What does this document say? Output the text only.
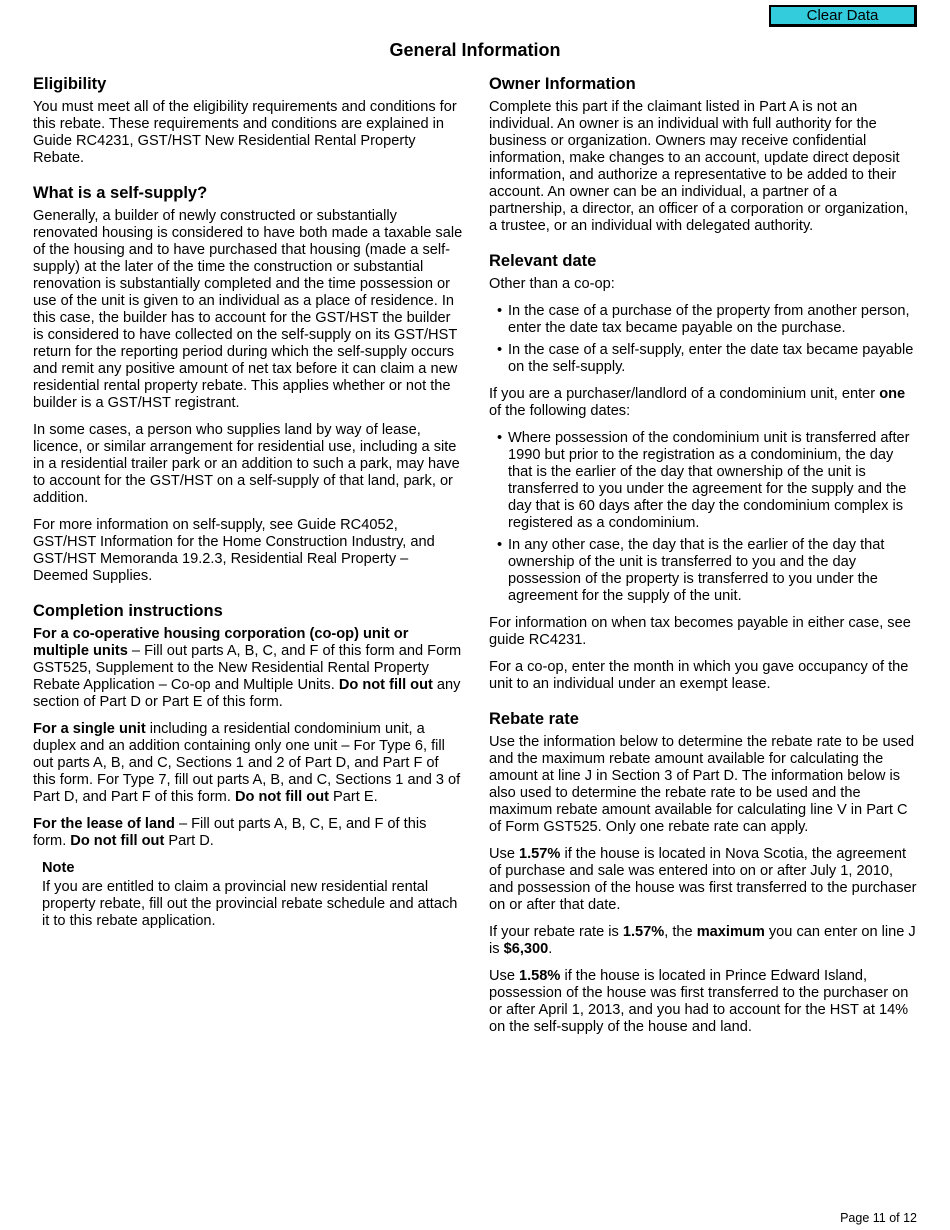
Clear Data
General Information
Eligibility

You must meet all of the eligibility requirements and conditions for this rebate. These requirements and conditions are explained in Guide RC4231, GST/HST New Residential Rental Property Rebate.

What is a self-supply?

Generally, a builder of newly constructed or substantially renovated housing is considered to have both made a taxable sale of the housing and to have purchased that housing (made a self-supply) at the later of the time the construction or substantial renovation is substantially completed and the time possession or use of the unit is given to an individual as a place of residence. In this case, the builder has to account for the GST/HST the builder is considered to have collected on the self-supply on its GST/HST return for the reporting period during which the self-supply occurs and remit any positive amount of net tax before it can claim a new residential rental property rebate. This applies whether or not the builder is a GST/HST registrant.

In some cases, a person who supplies land by way of lease, licence, or similar arrangement for residential use, including a site in a residential trailer park or an addition to such a park, may have to account for the GST/HST on a self-supply of that land, park, or addition.

For more information on self-supply, see Guide RC4052, GST/HST Information for the Home Construction Industry, and GST/HST Memoranda 19.2.3, Residential Real Property – Deemed Supplies.

Completion instructions

For a co-operative housing corporation (co-op) unit or multiple units – Fill out parts A, B, C, and F of this form and Form GST525, Supplement to the New Residential Rental Property Rebate Application – Co-op and Multiple Units. Do not fill out any section of Part D or Part E of this form.

For a single unit including a residential condominium unit, a duplex and an addition containing only one unit – For Type 6, fill out parts A, B, and C, Sections 1 and 2 of Part D, and Part F of this form. For Type 7, fill out parts A, B, and C, Sections 1 and 3 of Part D, and Part F of this form. Do not fill out Part E.

For the lease of land – Fill out parts A, B, C, E, and F of this form. Do not fill out Part D.

Note

If you are entitled to claim a provincial new residential rental property rebate, fill out the provincial rebate schedule and attach it to this rebate application.

Owner Information

Complete this part if the claimant listed in Part A is not an individual. An owner is an individual with full authority for the business or organization. Owners may receive confidential information, make changes to an account, update direct deposit information, and authorize a representative to be added to their account. An owner can be an individual, a partner of a partnership, a director, an officer of a corporation or organization, a trustee, or an individual with delegated authority.

Relevant date

Other than a co-op:

• In the case of a purchase of the property from another person, enter the date tax became payable on the purchase.
• In the case of a self-supply, enter the date tax became payable on the self-supply.

If you are a purchaser/landlord of a condominium unit, enter one of the following dates:

• Where possession of the condominium unit is transferred after 1990 but prior to the registration as a condominium, the day that is the earlier of the day that ownership of the unit is transferred to you under the agreement for the supply and the day that is 60 days after the day the condominium complex is registered as a condominium.
• In any other case, the day that is the earlier of the day that ownership of the unit is transferred to you and the day possession of the property is transferred to you under the agreement for the supply of the unit.

For information on when tax becomes payable in either case, see guide RC4231.

For a co-op, enter the month in which you gave occupancy of the unit to an individual under an exempt lease.

Rebate rate

Use the information below to determine the rebate rate to be used and the maximum rebate amount available for calculating the amount at line J in Section 3 of Part D. The information below is also used to determine the rebate rate to be used and the maximum rebate amount available for calculating line V in Part C of Form GST525. Only one rebate rate can apply.

Use 1.57% if the house is located in Nova Scotia, the agreement of purchase and sale was entered into on or after July 1, 2010, and possession of the house was first transferred to the purchaser on or after that date.

If your rebate rate is 1.57%, the maximum you can enter on line J is $6,300.

Use 1.58% if the house is located in Prince Edward Island, possession of the house was first transferred to the purchaser on or after April 1, 2013, and you had to account for the HST at 14% on the self-supply of the house and land.

Page 11 of 12
